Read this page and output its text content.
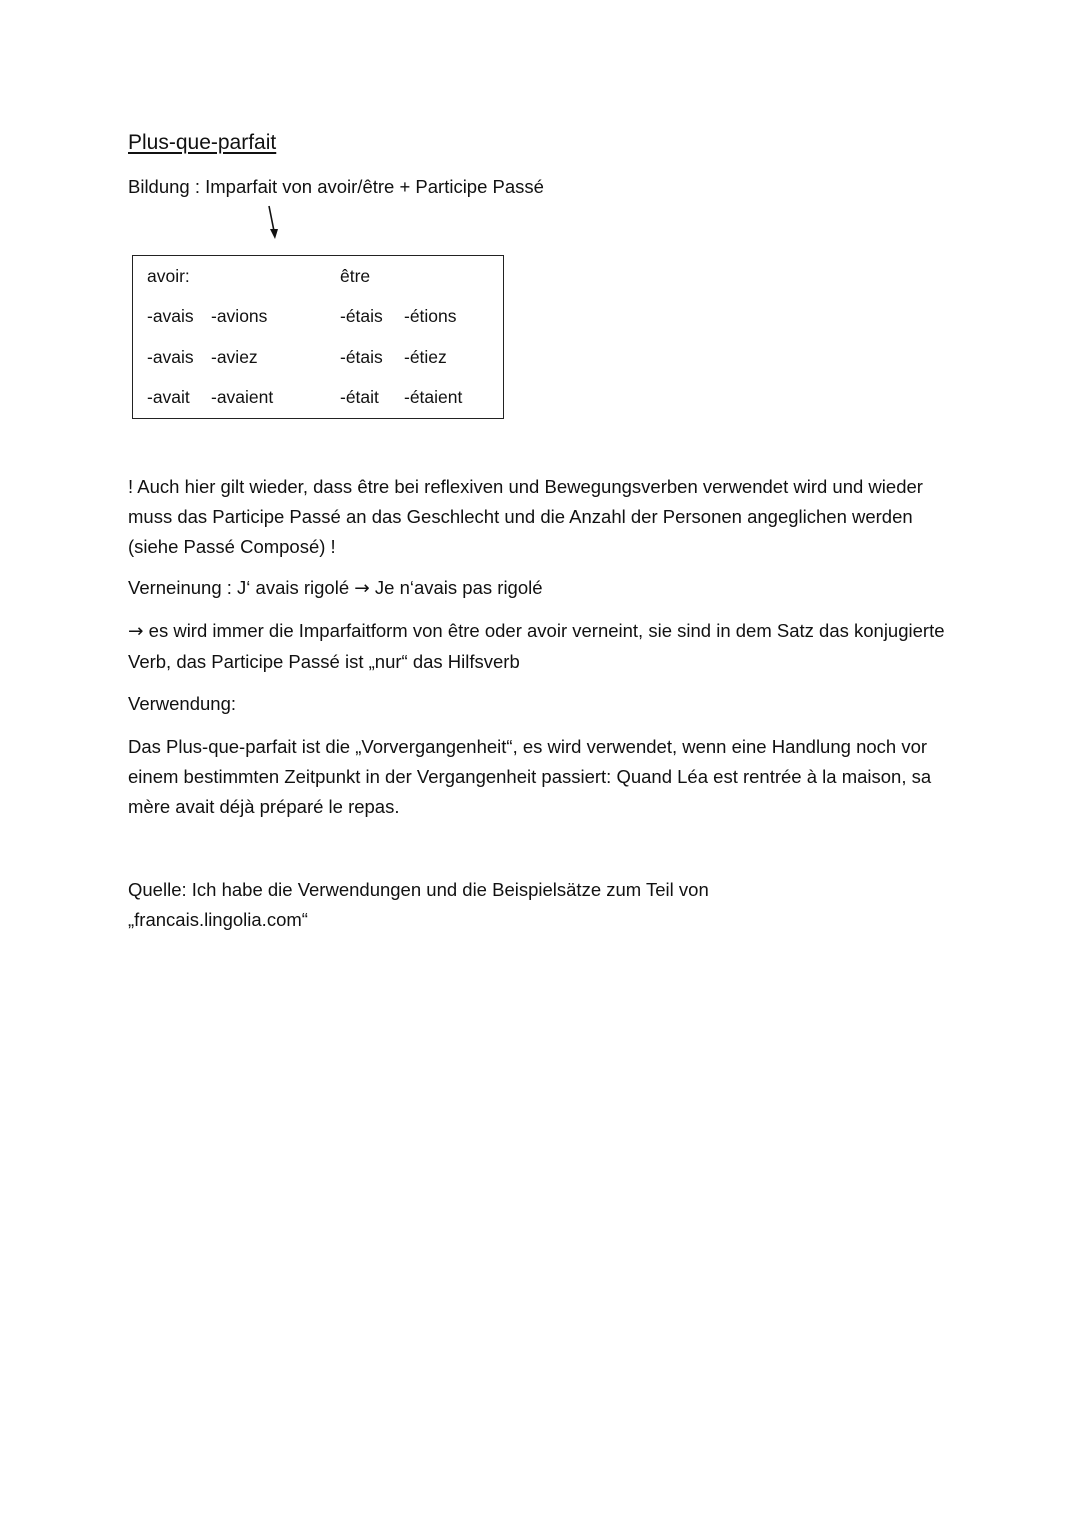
Plus-que-parfait

Bildung : Imparfait von avoir/être + Participe Passé

avoir:	être
-avais -avions	-étais -étions
-avais -aviez	-étais -étiez
-avait -avaient	-était -étaient

! Auch hier gilt wieder, dass être bei reflexiven und Bewegungsverben verwendet wird und wieder muss das Participe Passé an das Geschlecht und die Anzahl der Personen angeglichen werden (siehe Passé Composé) !

Verneinung : J‘ avais rigolé → Je n‘avais pas rigolé

→ es wird immer die Imparfaitform von être oder avoir verneint, sie sind in dem Satz das konjugierte Verb, das Participe Passé ist „nur“ das Hilfsverb

Verwendung:

Das Plus-que-parfait ist die „Vorvergangenheit“, es wird verwendet, wenn eine Handlung noch vor einem bestimmten Zeitpunkt in der Vergangenheit passiert: Quand Léa est rentrée à la maison, sa mère avait déjà préparé le repas.

Quelle: Ich habe die Verwendungen und die Beispielsätze zum Teil von „francais.lingolia.com“
